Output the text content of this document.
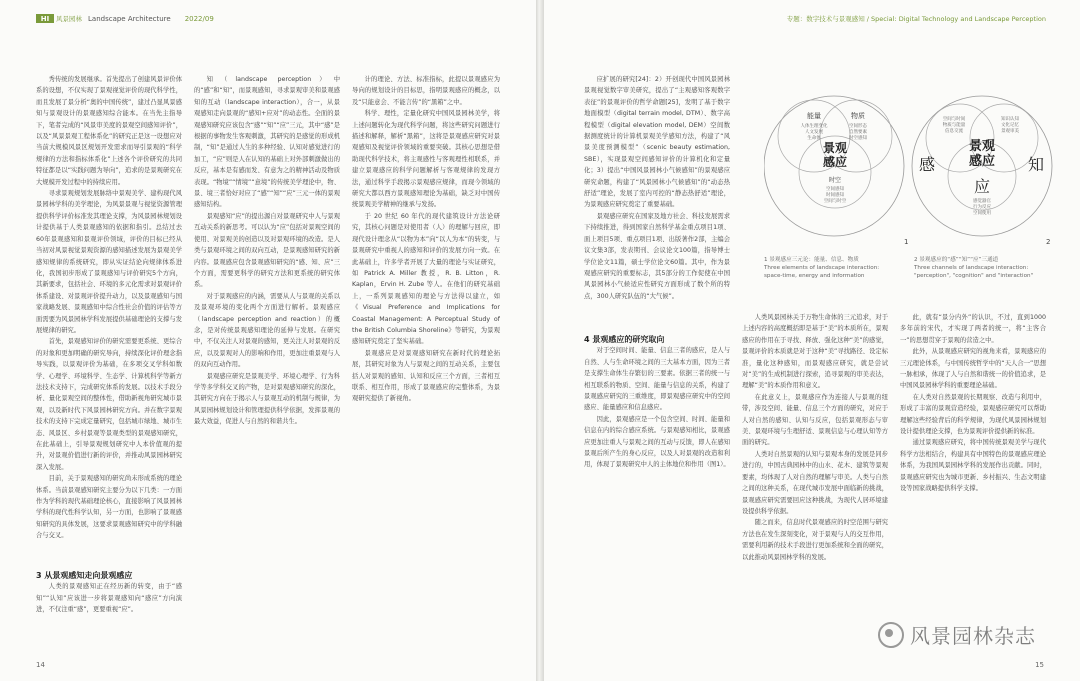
HI	风景园林 Landscape Architecture 2022/09

秀传统的发展继承。首先提出了创建风景评价体系的设想，不仅实现了景观视觉评价的现代科学性，而且发展了景分析“奥的中国传统”，建过凸显风景感知与景观设计的景观感知综合能本。在当先主指导下，笔者完成的“风景审美度的景观空间感知评价”，以及“风景景观工程体系化”的研究正是这一设想应对当前大规模风景区规划开发需求而导引景观的“科学规律的方法和指标体系化”上述各个评价研究的共同特征都是以“实践问题为导向”，追求的是景观研究在大规模开发过程中的持续应用。

寻求景观规划发展脉络中景观美学、建构现代风景园林学科的美学理论，为风景景观与视觉资源管理提供科学评价标准发其理论支撑，为风景园林规划设计提供基于人类景观感知的依据和指引。总结过去60年景观感知和景观评价领域，评价的目标已经从当初对风景视觉景观资源的感知描述发展为景观美学感知规律的系统研究，即从实证结论向规律体系进化，我国初步形成了景观感知与评价研究5个方向，其新要求，包括社会、环境的多元化需求对景观评价体系建设、对景观评价提升动力，以及景观感知与国家战略发展、景观感知中综合性社会价值的评估等方面需要为风景园林学科发展提供基础理论的支撑与发展规律的研究。

首先，景观感知评价的研究需要更系统、更综合的对象和更加明确的研究导向，持续深化评价理念指导实践，以景观评价为基础，在多项交叉学科如数学、心理学、环境科学、生态学、计算机科学等新方法技术支持下，完成研究体系的发展。以技术手段分析、量化景观空间的整体性，借助新视角研究城市景观，以及新时代下风景园林研究方向。并在数字景观技术的支持下完成定量研究，包括城市绿地、城市生态、风景区、乡村景观等景观类型的景观感知研究，在此基础上，引导景观规划研究中人本价值观的提升，对景观价值进行新的评价，并推动风景园林研究深入发展。

目前，关于景观感知的研究尚未形成系统的理论体系。当前景观感知研究主要分为以下几类：一方面作为学科的现代基础理论核心，直接影响了风景园林学科的现代性科学认知，另一方面，也影响了景观感知研究的具体发展，这要求景观感知研究中的学科融合与交叉。

3 从景观感知走向景观感应

人类的景观感知正在经历新的转变，由于“感知”“认知”应该进一步将景观感知向“感应”方向演进，不仅注重“感”，更要重视“应”。

知（landscape perception）中的“感”和“知”，而景观感知，寻求景观审美和景观感知的互动（landscape interaction），合一，从景观感知走向景观的“感知+应对”的动态性。全面的景观感知研究应该包含“感”“知”“应”三元，其中“感”是根据的事物发生客观刺激，其研究的是感觉的形成机制，“知”是通过人生的多种经验、认知对感觉进行的加工，“应”则是人在认知的基础上对外部刺激做出的反应，基本是有感而发、有意为之的精神活动及物质表现。“物境”“情境”“意境”的传统美学理论中，物、景、境三者恰好对应了“感”“知”“应”三元一体的景观感知结构。

景观感知“应”的提出源自对景观研究中人与景观互动关系的新思考。可以认为“应”包括对景观空间的使用、对景观美的创造以及对景观环境的改造。是人类与景观环境之间的双向互动，是景观感知研究的新内容。景观感应包含景观感知研究的“感、知、应”三个方面，需要更科学的研究方法和更系统的研究体系。

对于景观感应的内涵，需要从人与景观的关系以及景观环境的变化两个方面进行解析。景观感应（landscape perception and reaction）的概念，是对传统景观感知理论的延伸与发展。在研究中，不仅关注人对景观的感知，更关注人对景观的反应，以及景观对人的影响和作用，更加注重景观与人的双向互动作用。

景观感应研究是景观美学、环境心理学、行为科学等多学科交叉的产物，是对景观感知研究的深化，其研究方向在于揭示人与景观互动的机制与规律，为风景园林规划设计和管理提供科学依据，发挥景观的最大效益，促进人与自然的和谐共生。

计的理论、方法、标准指标，此提以景观感应为导向的规划设计的目标思，指明景观感应的概念，以及“只能意会、不能言传”的“黑箱”之中。

科学、理性，定量化研究中国风景园林美学，将上述问题转化为现代科学问题，将这些研究问题进行描述和解释，解析“黑箱”，这将是景观感应研究对景观感知及视觉评价领域的重要突破。其核心思想是借助现代科学技术，将主观感性与客观理性相联系，并建立景观感应的科学问题解析与客观规律的发现方法，通过科学手段揭示景观感应规律，而现今领域的研究大都以西方景观感知理论为基础，缺乏对中国传统景观美学精神的继承与发扬。

于 20 世纪 60 年代的现代建筑设计方法论研究，其核心问题是对使用者（人）的理解与回应，即现代设计理念从“以物为本”向“以人为本”的转变，与景观研究中重视人的感知和评价的发展方向一致。在此基础上，许多学者开展了大量的理论与实证研究，如 Patrick A. Miller 教授，R. B. Litton，R. Kaplan，Ervin H. Zube 等人。在他们的研究基础上，一系列景观感知的理论与方法得以建立，如《Visual Preference and Implications for Coastal Management: A Perceptual Study of the British Columbia Shoreline》等研究，为景观感知研究奠定了坚实基础。

景观感应是对景观感知研究在新时代的理论拓展，其研究对象为人与景观之间的互动关系，主要包括人对景观的感知、认知和反应三个方面，三者相互联系、相互作用，形成了景观感应的完整体系，为景观研究提供了新视角。

14
专题：数字技术与景观感知 / Special: Digital Technology and Landscape Perception

应扩展的研究[24]：2）开创现代中国风景园林景观视觉数字审美研究，提出了“主观感知客观数字表征”的景观评价的哲学命题[25]，发明了基于数字地面模型（digital terrain model, DTM）、数字高程模型（digital elevation model, DEM）空间数据测度统计的计算机景观美学感知方法，构建了“风景美度预测模型”（scenic beauty estimation, SBE），实现景观空间感知评价的计算机化和定量化；3）提出“中国风景园林小气候感知”的景观感应研究命题，构建了“风景园林小气候感知”的“动态热舒适”理论，发展了室内可控的“静态热舒适”理论，为景观感应研究奠定了重要基础。

景观感应研究在国家及地方社会、科技发展需求下持续推进，得到国家自然科学基金重点项目1项、面上项目5项、重点项目1项、出版著作2部，主编会议文集3部，发表期刊、会议论文100篇，指导博士学位论文11篇，硕士学位论文60篇。其中，作为景观感应研究的重要标志，其5部分的工作促使在中国风景园林小气候适应性研究方面形成了数个所的特点，300人研究队伍的“大气候”。

能量
人体生理变化
人文发展
生命体
物质
空间形态
自然要素
时空感知
景观
感应
时空
空间感知
时间感知
空间与时空
感	知
应
景观
感应
空间与时间
物质与能量
信息交流
知识认知
文化记忆
景观审美
感觉器官
行为反应
空间使用
1	2
1 景观感应三元论：能量、信息、物质
Three elements of landscape interaction: space-time, energy and information
2 景观感应的“感”“知”“应”三通道
Three channels of landscape interaction: "perception", "cognition" and "interaction"

4 景观感应的研究取向

对于空间时间、能量、信息三者的感应，是人与自然、人与生命环境之间的三大基本方面，因为三者是支撑生命体生存繁衍的三要素。依据三者的统一与相互联系的物质、空间、能量与信息的关系，构建了景观感应研究的三重维度，即景观感应研究中的空间感应、能量感应和信息感应。

因此，景观感应是一个包含空间、时间、能量和信息在内的综合感应系统。与景观感知相比，景观感应更加注重人与景观之间的互动与反馈，即人在感知景观后所产生的身心反应，以及人对景观的改造和利用，体现了景观研究中人的主体地位和作用（图1）。

人类风景园林关于万物生命体的三元追求，对于上述内容的高度概括即是基于“美”的本质所在，景观感应的作用在于寻找、释放、强化这种“美”的感觉，景观评价的本质就是对于这种“美”寻找路径、设定标准，量化这种感知，而景观感应研究，就是尝试对“美”的生成机制进行探索，追寻景观的审美表达，理解“美”的本质作用和意义。

在此意义上，景观感应作为连接人与景观的纽带，涉及空间、能量、信息三个方面的研究，对应于人对自然的感知、认知与反应，包括景观形态与审美、景观环境与生理舒适、景观信息与心理认知等方面的研究。

人类对自然景观的认知与景观本身的发展是同步进行的，中国古典园林中的山水、花木、建筑等景观要素，均体现了人对自然的理解与审美。人类与自然之间的这种关系，在现代城市发展中面临新的挑战，景观感应研究需要回应这种挑战，为现代人居环境建设提供科学依据。

随之而来，信息时代景观感应的时空范围与研究方法也在发生深刻变化，对于景观与人的交互作用，需要利用新的技术手段进行更加系统和全面的研究，以此推动风景园林学科的发展。

此，就有“景分内外”的认识，不过，直到1000多年前的宋代，才实现了两者的统一，将“主客合一”的思想贯穿于景观的营造之中。

此外，从景观感应研究的视角来看，景观感应的三元理论体系，与中国传统哲学中的“天人合一”思想一脉相承，体现了人与自然和谐统一的价值追求，是中国风景园林学科的重要理论基础。

在人类对自然景观的长期观察、改造与利用中，形成了丰富的景观营造经验，景观感应研究可以帮助理解这些经验背后的科学规律，为现代风景园林规划设计提供理论支撑，也为景观评价提供新的标准。

通过景观感应研究，将中国传统景观美学与现代科学方法相结合，构建具有中国特色的景观感应理论体系，为我国风景园林学科的发展作出贡献。同时，景观感应研究也为城市更新、乡村振兴、生态文明建设等国家战略提供科学支撑。

风景园林杂志
15
